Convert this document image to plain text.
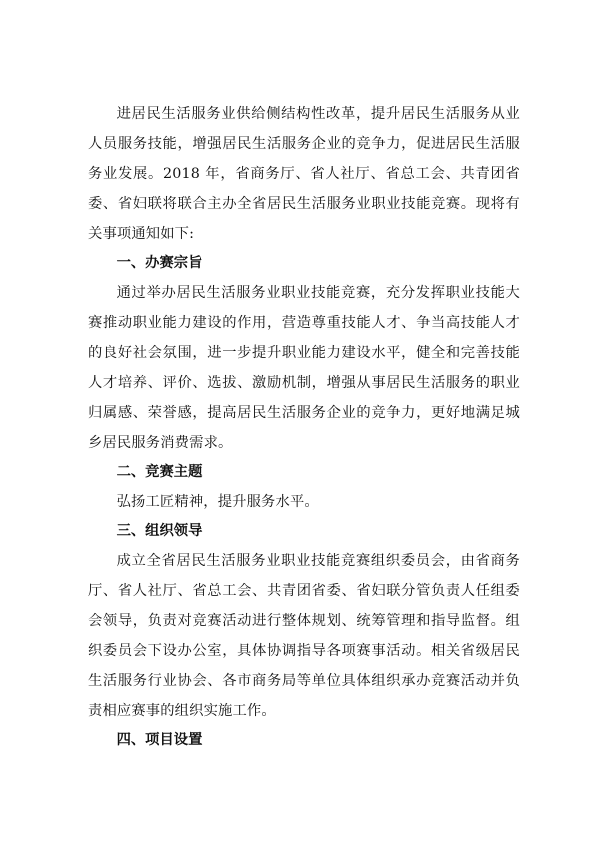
进居民生活服务业供给侧结构性改革，提升居民生活服务从业人员服务技能，增强居民生活服务企业的竞争力，促进居民生活服务业发展。2018 年，省商务厅、省人社厅、省总工会、共青团省委、省妇联将联合主办全省居民生活服务业职业技能竞赛。现将有关事项通知如下:

一、办赛宗旨

通过举办居民生活服务业职业技能竞赛，充分发挥职业技能大赛推动职业能力建设的作用，营造尊重技能人才、争当高技能人才的良好社会氛围，进一步提升职业能力建设水平，健全和完善技能人才培养、评价、选拔、激励机制，增强从事居民生活服务的职业归属感、荣誉感，提高居民生活服务企业的竞争力，更好地满足城乡居民服务消费需求。

二、竞赛主题

弘扬工匠精神，提升服务水平。

三、组织领导

成立全省居民生活服务业职业技能竞赛组织委员会，由省商务厅、省人社厅、省总工会、共青团省委、省妇联分管负责人任组委会领导，负责对竞赛活动进行整体规划、统筹管理和指导监督。组织委员会下设办公室，具体协调指导各项赛事活动。相关省级居民生活服务行业协会、各市商务局等单位具体组织承办竞赛活动并负责相应赛事的组织实施工作。

四、项目设置
